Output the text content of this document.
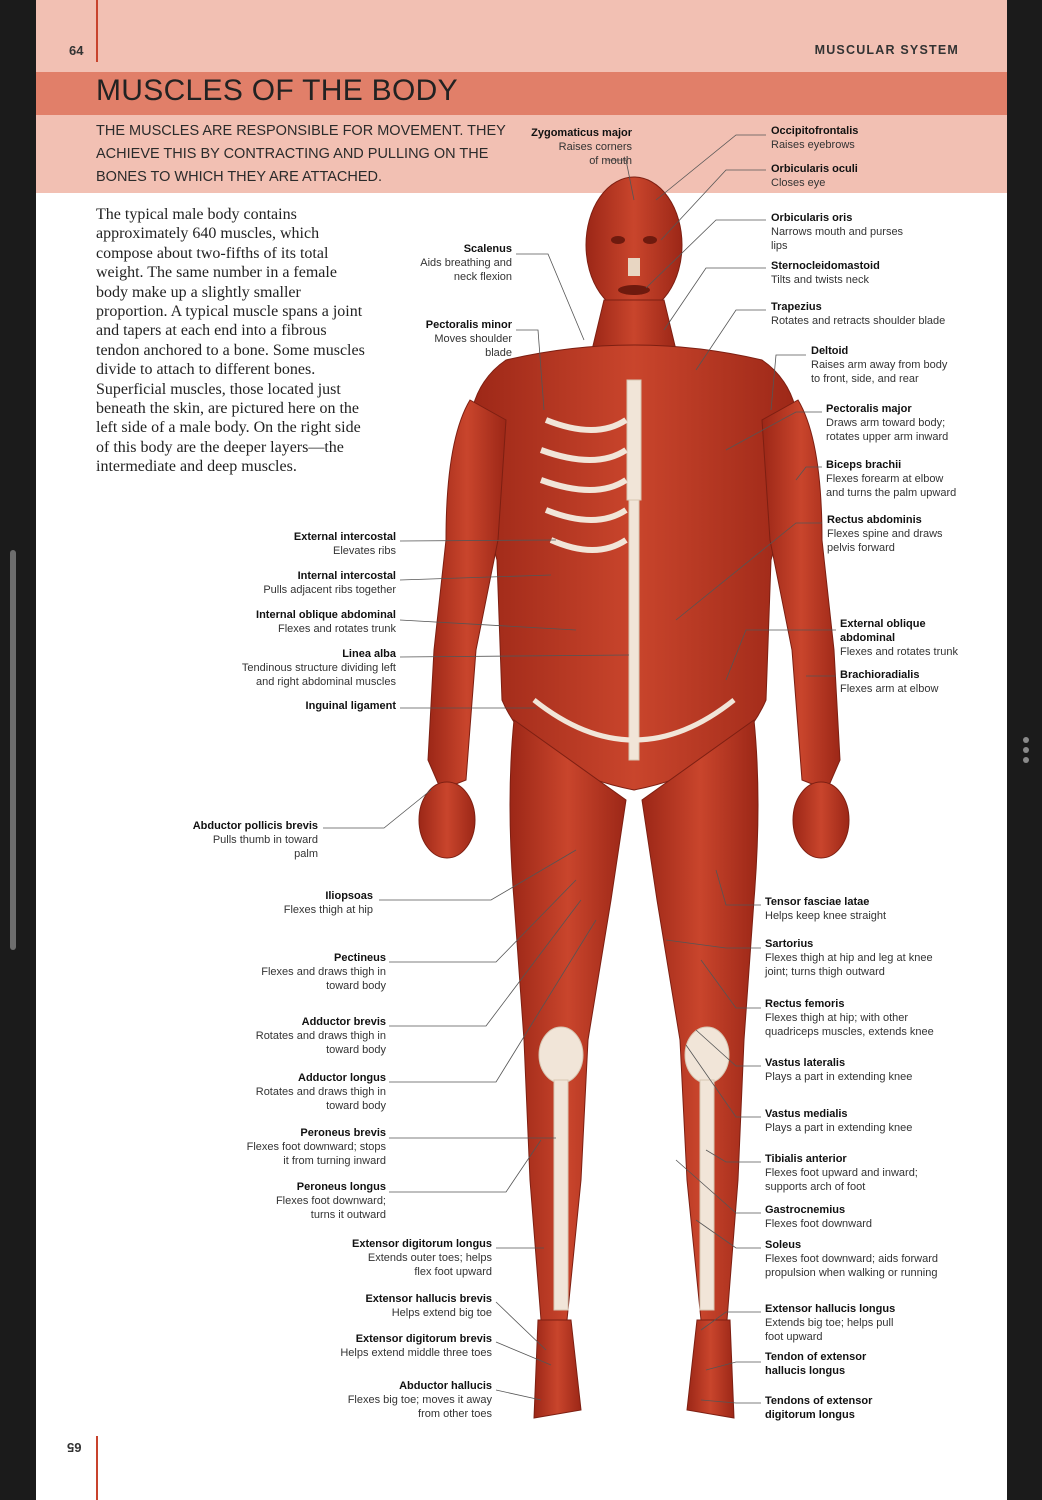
64	MUSCULAR SYSTEM
65
MUSCLES OF THE BODY
THE MUSCLES ARE RESPONSIBLE FOR MOVEMENT. THEY ACHIEVE THIS BY CONTRACTING AND PULLING ON THE BONES TO WHICH THEY ARE ATTACHED.
The typical male body contains approximately 640 muscles, which compose about two-fifths of its total weight. The same number in a female body make up a slightly smaller proportion. A typical muscle spans a joint and tapers at each end into a fibrous tendon anchored to a bone. Some muscles divide to attach to different bones. Superficial muscles, those located just beneath the skin, are pictured here on the left side of a male body. On the right side of this body are the deeper layers—the intermediate and deep muscles.
Zygomaticus major
Raises corners
of mouth
Scalenus
Aids breathing and
neck flexion
Pectoralis minor
Moves shoulder
blade
External intercostal
Elevates ribs
Internal intercostal
Pulls adjacent ribs together
Internal oblique abdominal
Flexes and rotates trunk
Linea alba
Tendinous structure dividing left
and right abdominal muscles
Inguinal ligament
Abductor pollicis brevis
Pulls thumb in toward
palm
Iliopsoas
Flexes thigh at hip
Pectineus
Flexes and draws thigh in
toward body
Adductor brevis
Rotates and draws thigh in
toward body
Adductor longus
Rotates and draws thigh in
toward body
Peroneus brevis
Flexes foot downward; stops
it from turning inward
Peroneus longus
Flexes foot downward;
turns it outward
Extensor digitorum longus
Extends outer toes; helps
flex foot upward
Extensor hallucis brevis
Helps extend big toe
Extensor digitorum brevis
Helps extend middle three toes
Abductor hallucis
Flexes big toe; moves it away
from other toes
Occipitofrontalis
Raises eyebrows
Orbicularis oculi
Closes eye
Orbicularis oris
Narrows mouth and purses
lips
Sternocleidomastoid
Tilts and twists neck
Trapezius
Rotates and retracts shoulder blade
Deltoid
Raises arm away from body
to front, side, and rear
Pectoralis major
Draws arm toward body;
rotates upper arm inward
Biceps brachii
Flexes forearm at elbow
and turns the palm upward
Rectus abdominis
Flexes spine and draws
pelvis forward
External oblique abdominal
Flexes and rotates trunk
Brachioradialis
Flexes arm at elbow
Tensor fasciae latae
Helps keep knee straight
Sartorius
Flexes thigh at hip and leg at knee
joint; turns thigh outward
Rectus femoris
Flexes thigh at hip; with other
quadriceps muscles, extends knee
Vastus lateralis
Plays a part in extending knee
Vastus medialis
Plays a part in extending knee
Tibialis anterior
Flexes foot upward and inward;
supports arch of foot
Gastrocnemius
Flexes foot downward
Soleus
Flexes foot downward; aids forward
propulsion when walking or running
Extensor hallucis longus
Extends big toe; helps pull
foot upward
Tendon of extensor hallucis longus
Tendons of extensor digitorum longus
